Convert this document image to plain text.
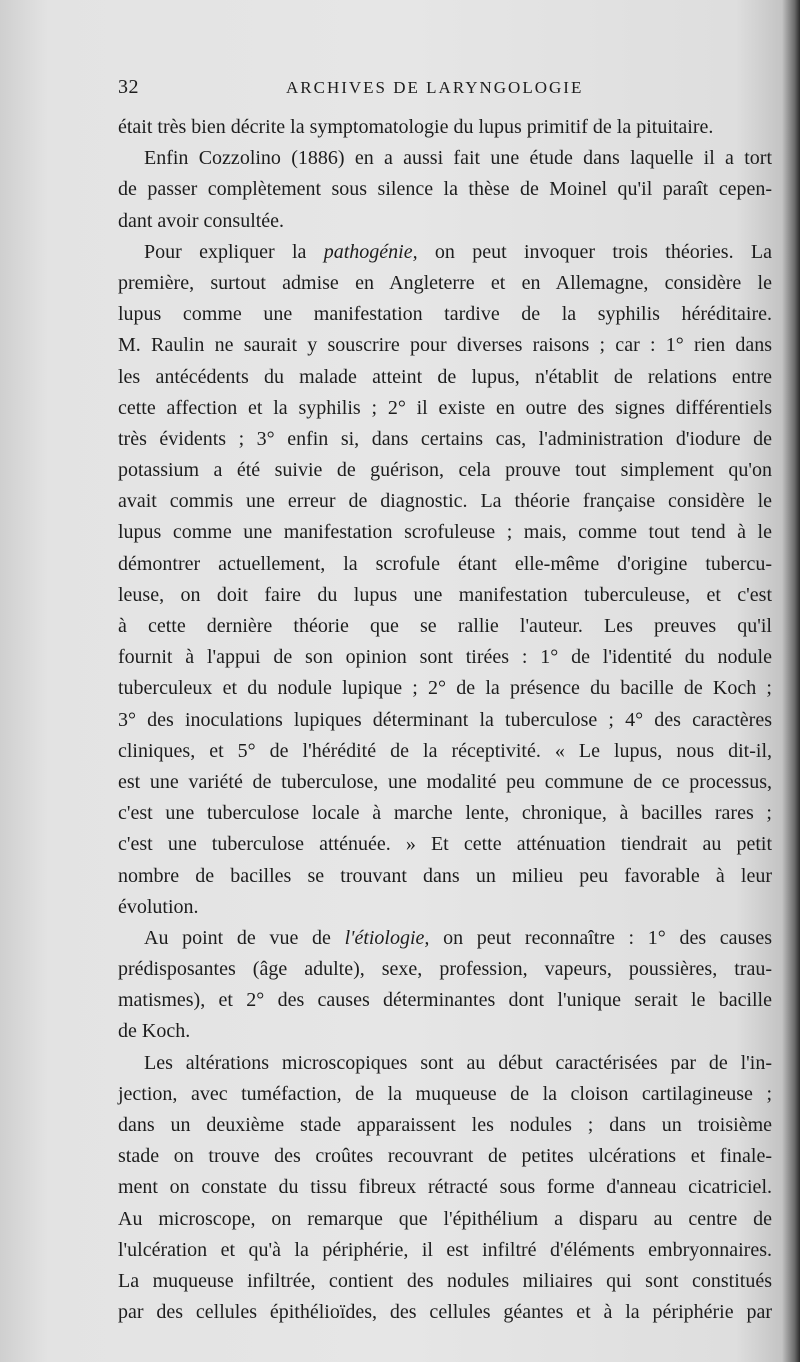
32	ARCHIVES DE LARYNGOLOGIE
était très bien décrite la symptomatologie du lupus primitif de la pituitaire.
Enfin Cozzolino (1886) en a aussi fait une étude dans laquelle il a tort
de passer complètement sous silence la thèse de Moinel qu'il paraît cepen-
dant avoir consultée.
Pour expliquer la pathogénie, on peut invoquer trois théories. La
première, surtout admise en Angleterre et en Allemagne, considère le
lupus comme une manifestation tardive de la syphilis héréditaire.
M. Raulin ne saurait y souscrire pour diverses raisons ; car : 1° rien dans
les antécédents du malade atteint de lupus, n'établit de relations entre
cette affection et la syphilis ; 2° il existe en outre des signes différentiels
très évidents ; 3° enfin si, dans certains cas, l'administration d'iodure de
potassium a été suivie de guérison, cela prouve tout simplement qu'on
avait commis une erreur de diagnostic. La théorie française considère le
lupus comme une manifestation scrofuleuse ; mais, comme tout tend à le
démontrer actuellement, la scrofule étant elle-même d'origine tubercu-
leuse, on doit faire du lupus une manifestation tuberculeuse, et c'est
à cette dernière théorie que se rallie l'auteur. Les preuves qu'il
fournit à l'appui de son opinion sont tirées : 1° de l'identité du nodule
tuberculeux et du nodule lupique ; 2° de la présence du bacille de Koch ;
3° des inoculations lupiques déterminant la tuberculose ; 4° des caractères
cliniques, et 5° de l'hérédité de la réceptivité. « Le lupus, nous dit-il,
est une variété de tuberculose, une modalité peu commune de ce processus,
c'est une tuberculose locale à marche lente, chronique, à bacilles rares ;
c'est une tuberculose atténuée. » Et cette atténuation tiendrait au petit
nombre de bacilles se trouvant dans un milieu peu favorable à leur
évolution.
Au point de vue de l'étiologie, on peut reconnaître : 1° des causes
prédisposantes (âge adulte), sexe, profession, vapeurs, poussières, trau-
matismes), et 2° des causes déterminantes dont l'unique serait le bacille
de Koch.
Les altérations microscopiques sont au début caractérisées par de l'in-
jection, avec tuméfaction, de la muqueuse de la cloison cartilagineuse ;
dans un deuxième stade apparaissent les nodules ; dans un troisième
stade on trouve des croûtes recouvrant de petites ulcérations et finale-
ment on constate du tissu fibreux rétracté sous forme d'anneau cicatriciel.
Au microscope, on remarque que l'épithélium a disparu au centre de
l'ulcération et qu'à la périphérie, il est infiltré d'éléments embryonnaires.
La muqueuse infiltrée, contient des nodules miliaires qui sont constitués
par des cellules épithélioïdes, des cellules géantes et à la périphérie par
